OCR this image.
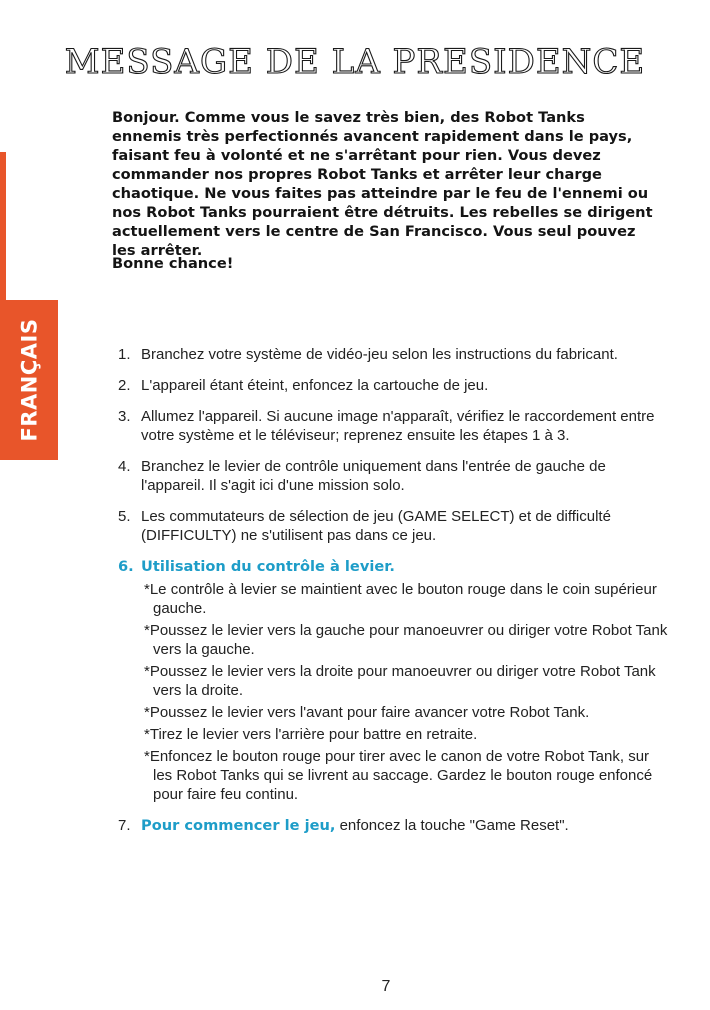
FRANÇAIS
MESSAGE DE LA PRESIDENCE

Bonjour. Comme vous le savez très bien, des Robot Tanks ennemis très perfectionnés avancent rapidement dans le pays, faisant feu à volonté et ne s'arrêtant pour rien. Vous devez commander nos propres Robot Tanks et arrêter leur charge chaotique. Ne vous faites pas atteindre par le feu de l'ennemi ou nos Robot Tanks pourraient être détruits. Les rebelles se dirigent actuellement vers le centre de San Francisco. Vous seul pouvez les arrêter.

Bonne chance!
1. Branchez votre système de vidéo-jeu selon les instructions du fabricant.
2. L'appareil étant éteint, enfoncez la cartouche de jeu.
3. Allumez l'appareil. Si aucune image n'apparaît, vérifiez le raccordement entre votre système et le téléviseur; reprenez ensuite les étapes 1 à 3.
4. Branchez le levier de contrôle uniquement dans l'entrée de gauche de l'appareil. Il s'agit ici d'une mission solo.
5. Les commutateurs de sélection de jeu (GAME SELECT) et de difficulté (DIFFICULTY) ne s'utilisent pas dans ce jeu.
6. Utilisation du contrôle à levier.
*Le contrôle à levier se maintient avec le bouton rouge dans le coin supérieur gauche.
*Poussez le levier vers la gauche pour manoeuvrer ou diriger votre Robot Tank vers la gauche.
*Poussez le levier vers la droite pour manoeuvrer ou diriger votre Robot Tank vers la droite.
*Poussez le levier vers l'avant pour faire avancer votre Robot Tank.
*Tirez le levier vers l'arrière pour battre en retraite.
*Enfoncez le bouton rouge pour tirer avec le canon de votre Robot Tank, sur les Robot Tanks qui se livrent au saccage. Gardez le bouton rouge enfoncé pour faire feu continu.
7. Pour commencer le jeu, enfoncez la touche "Game Reset".
7
